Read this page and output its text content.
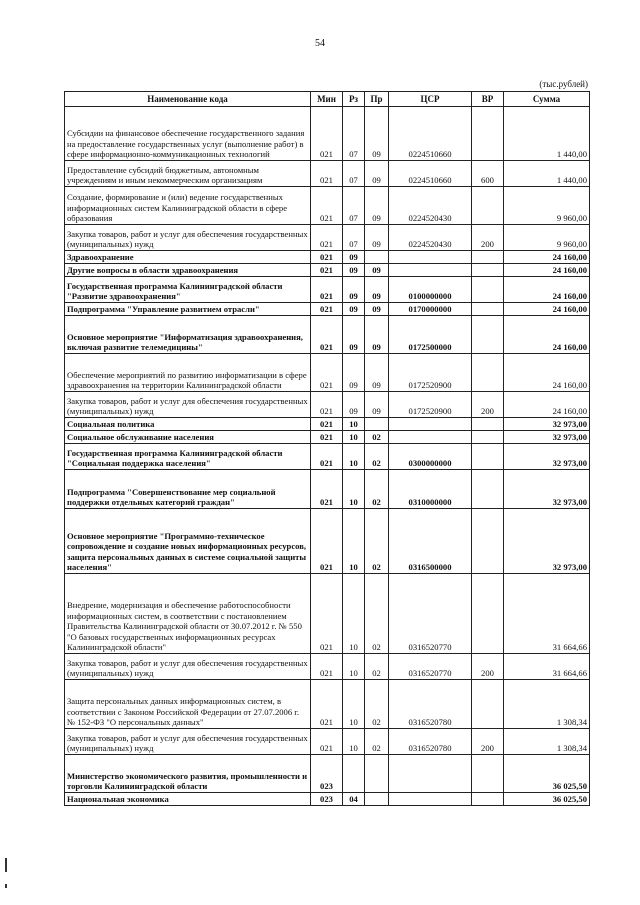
54
(тыс.рублей)
Наименование кода	Мин	Рз	Пр	ЦСР	ВР	Сумма
Субсидии на финансовое обеспечение государственного задания на предоставление государственных услуг (выполнение работ) в сфере информационно-коммуникационных технологий	021	07	09	0224510660		1 440,00
Предоставление субсидий бюджетным, автономным учреждениям и иным некоммерческим организациям	021	07	09	0224510660	600	1 440,00
Создание, формирование и (или) ведение государственных информационных систем Калининградской области в сфере образования	021	07	09	0224520430		9 960,00
Закупка товаров, работ и услуг для обеспечения государственных (муниципальных) нужд	021	07	09	0224520430	200	9 960,00
Здравоохранение	021	09				24 160,00
Другие вопросы в области здравоохранения	021	09	09			24 160,00
Государственная программа Калининградской области "Развитие здравоохранения"	021	09	09	0100000000		24 160,00
Подпрограмма "Управление развитием отрасли"	021	09	09	0170000000		24 160,00
Основное мероприятие "Информатизация здравоохранения, включая развитие телемедицины"	021	09	09	0172500000		24 160,00
Обеспечение мероприятий по развитию информатизации в сфере здравоохранения на территории Калининградской области	021	09	09	0172520900		24 160,00
Закупка товаров, работ и услуг для обеспечения государственных (муниципальных) нужд	021	09	09	0172520900	200	24 160,00
Социальная политика	021	10				32 973,00
Социальное обслуживание населения	021	10	02			32 973,00
Государственная программа Калининградской области "Социальная поддержка населения"	021	10	02	0300000000		32 973,00
Подпрограмма "Совершенствование мер социальной поддержки отдельных категорий граждан"	021	10	02	0310000000		32 973,00
Основное мероприятие "Программно-техническое сопровождение и создание новых информационных ресурсов, защита персональных данных в системе социальной защиты населения"	021	10	02	0316500000		32 973,00
Внедрение, модернизация и обеспечение работоспособности информационных систем, в соответствии с постановлением Правительства Калининградской области от 30.07.2012 г. № 550 "О базовых государственных информационных ресурсах Калининградской области"	021	10	02	0316520770		31 664,66
Закупка товаров, работ и услуг для обеспечения государственных (муниципальных) нужд	021	10	02	0316520770	200	31 664,66
Защита персональных данных информационных систем, в соответствии с Законом Российской Федерации от 27.07.2006 г. № 152-ФЗ "О персональных данных"	021	10	02	0316520780		1 308,34
Закупка товаров, работ и услуг для обеспечения государственных (муниципальных) нужд	021	10	02	0316520780	200	1 308,34
Министерство экономического развития, промышленности и торговли Калининградской области	023					36 025,50
Национальная экономика	023	04				36 025,50
